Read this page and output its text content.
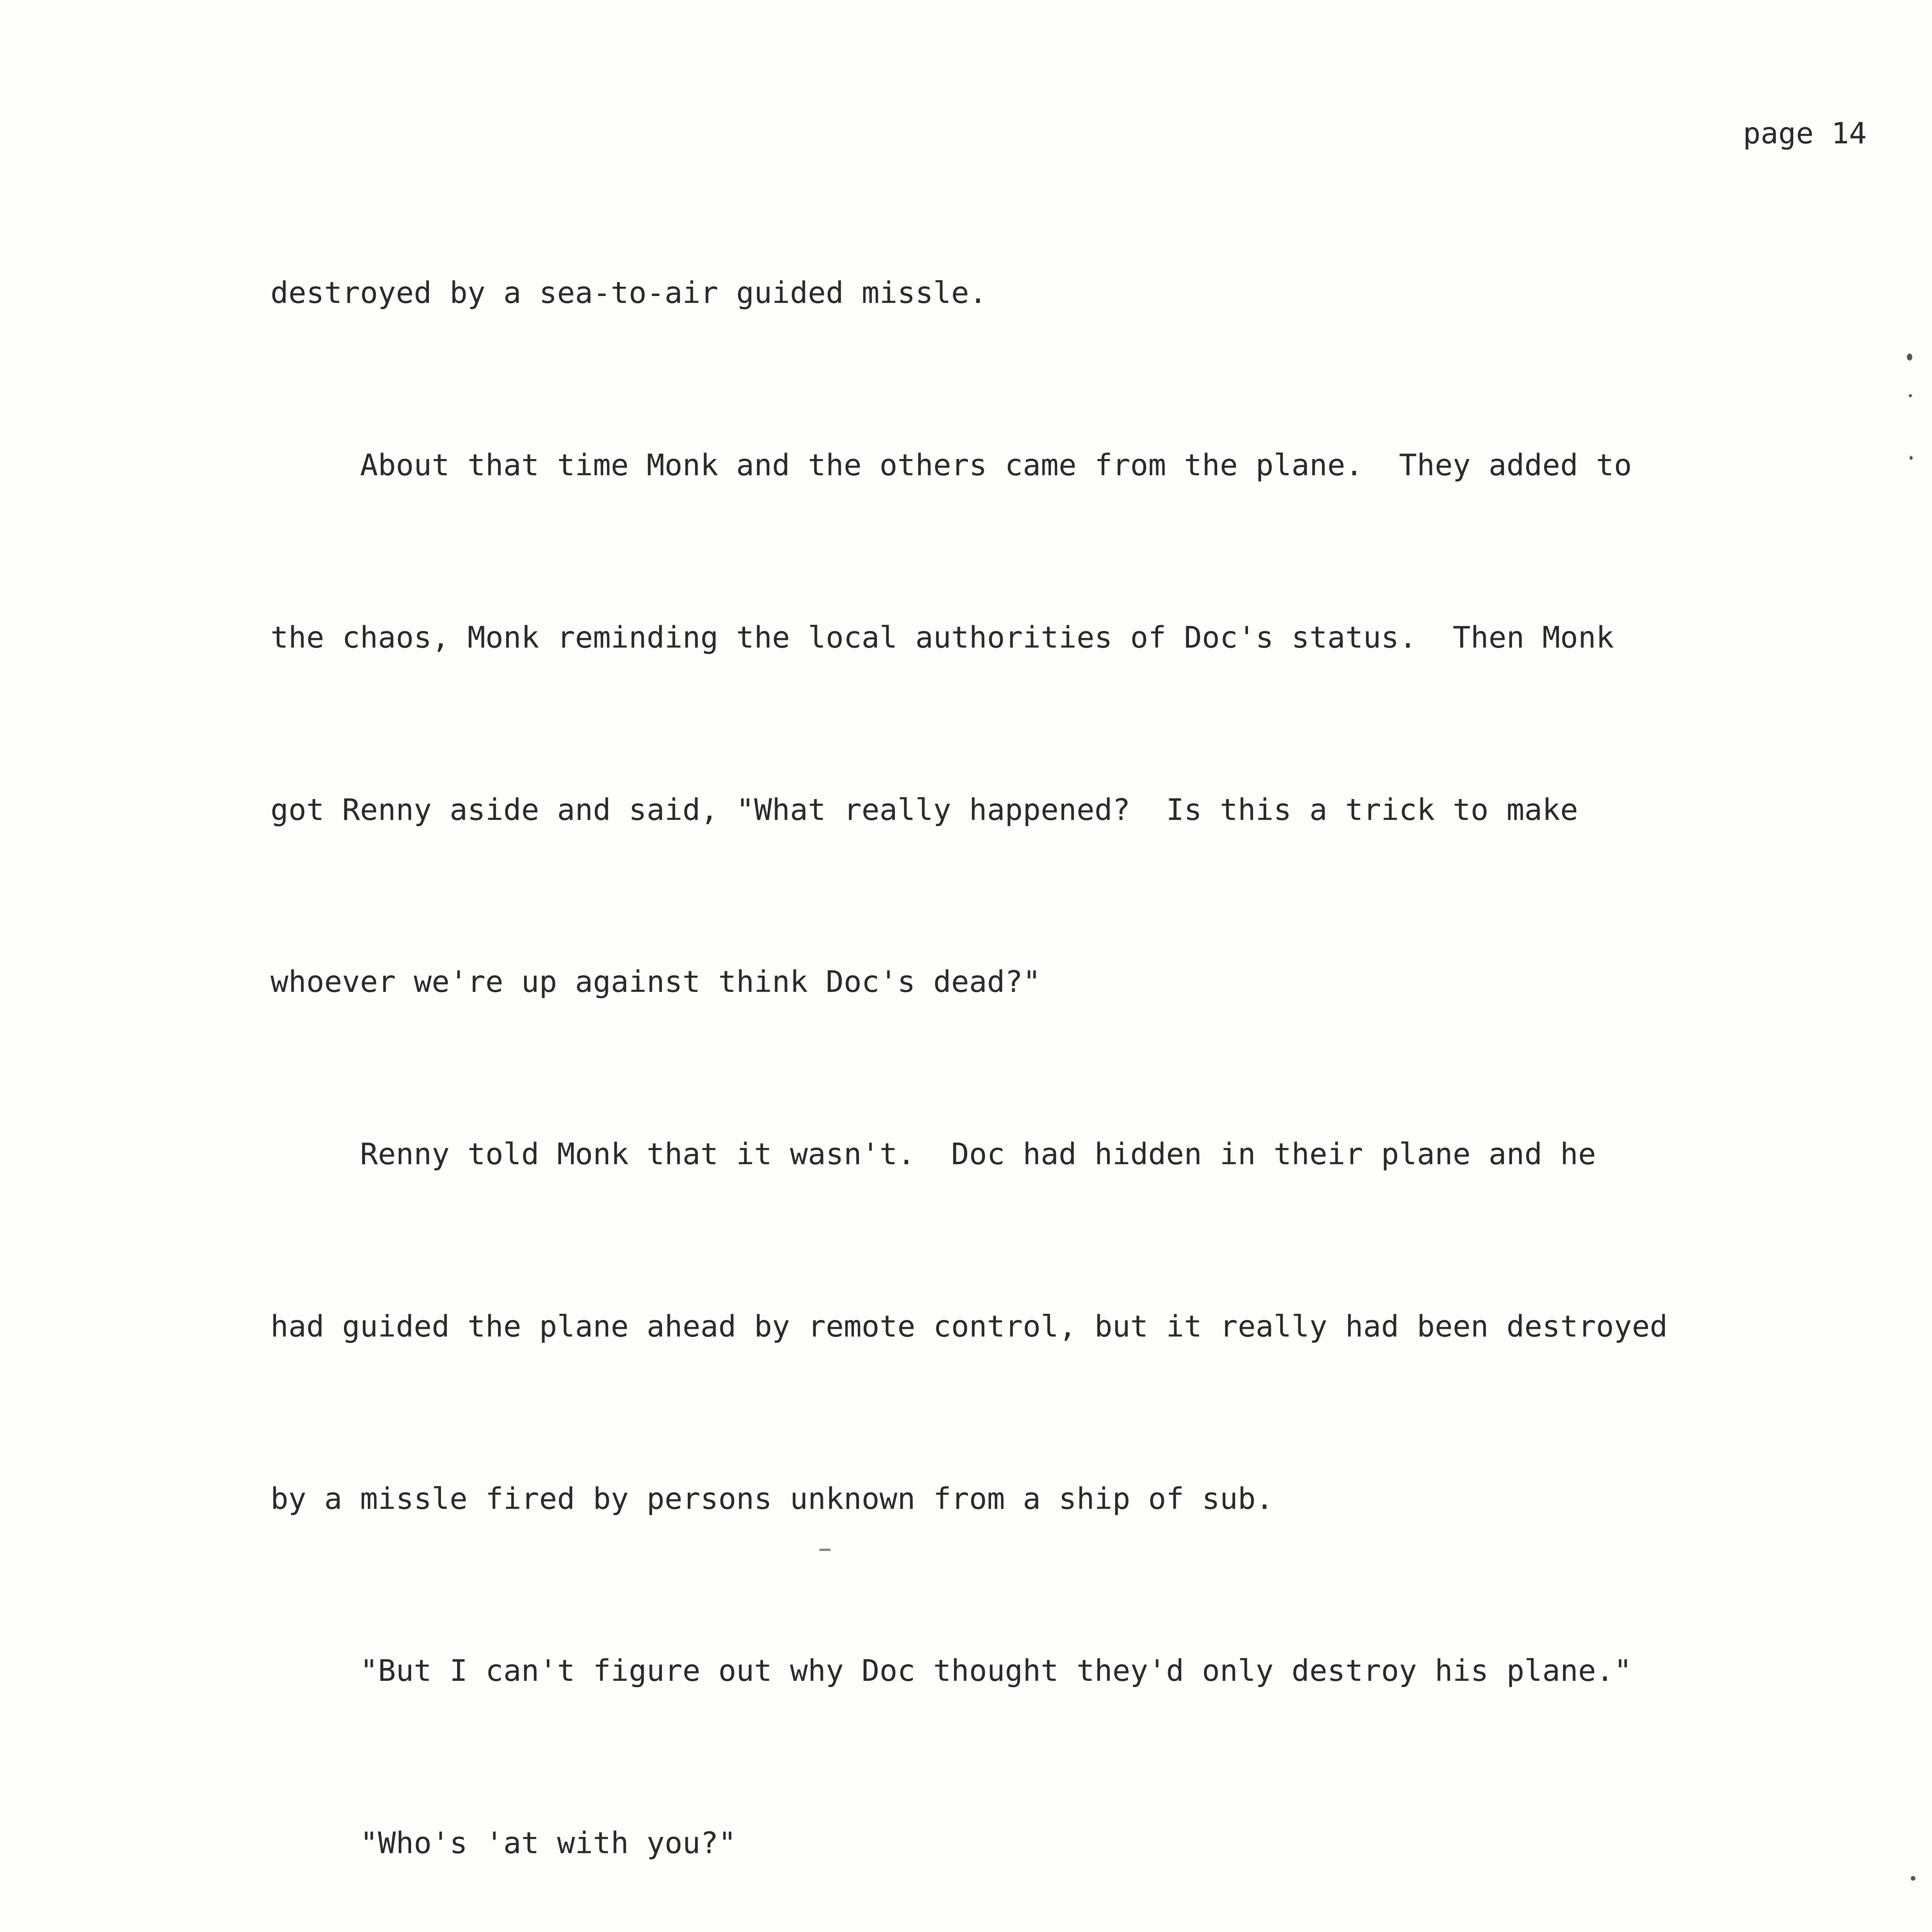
page 14

destroyed by a sea-to-air guided missle.

About that time Monk and the others came from the plane.  They added to

the chaos, Monk reminding the local authorities of Doc's status.  Then Monk

got Renny aside and said, "What really happened?  Is this a trick to make

whoever we're up against think Doc's dead?"

Renny told Monk that it wasn't.  Doc had hidden in their plane and he

had guided the plane ahead by remote control, but it really had been destroyed

by a missle fired by persons unknown from a ship of sub.

"But I can't figure out why Doc thought they'd only destroy his plane."

"Who's 'at with you?"
